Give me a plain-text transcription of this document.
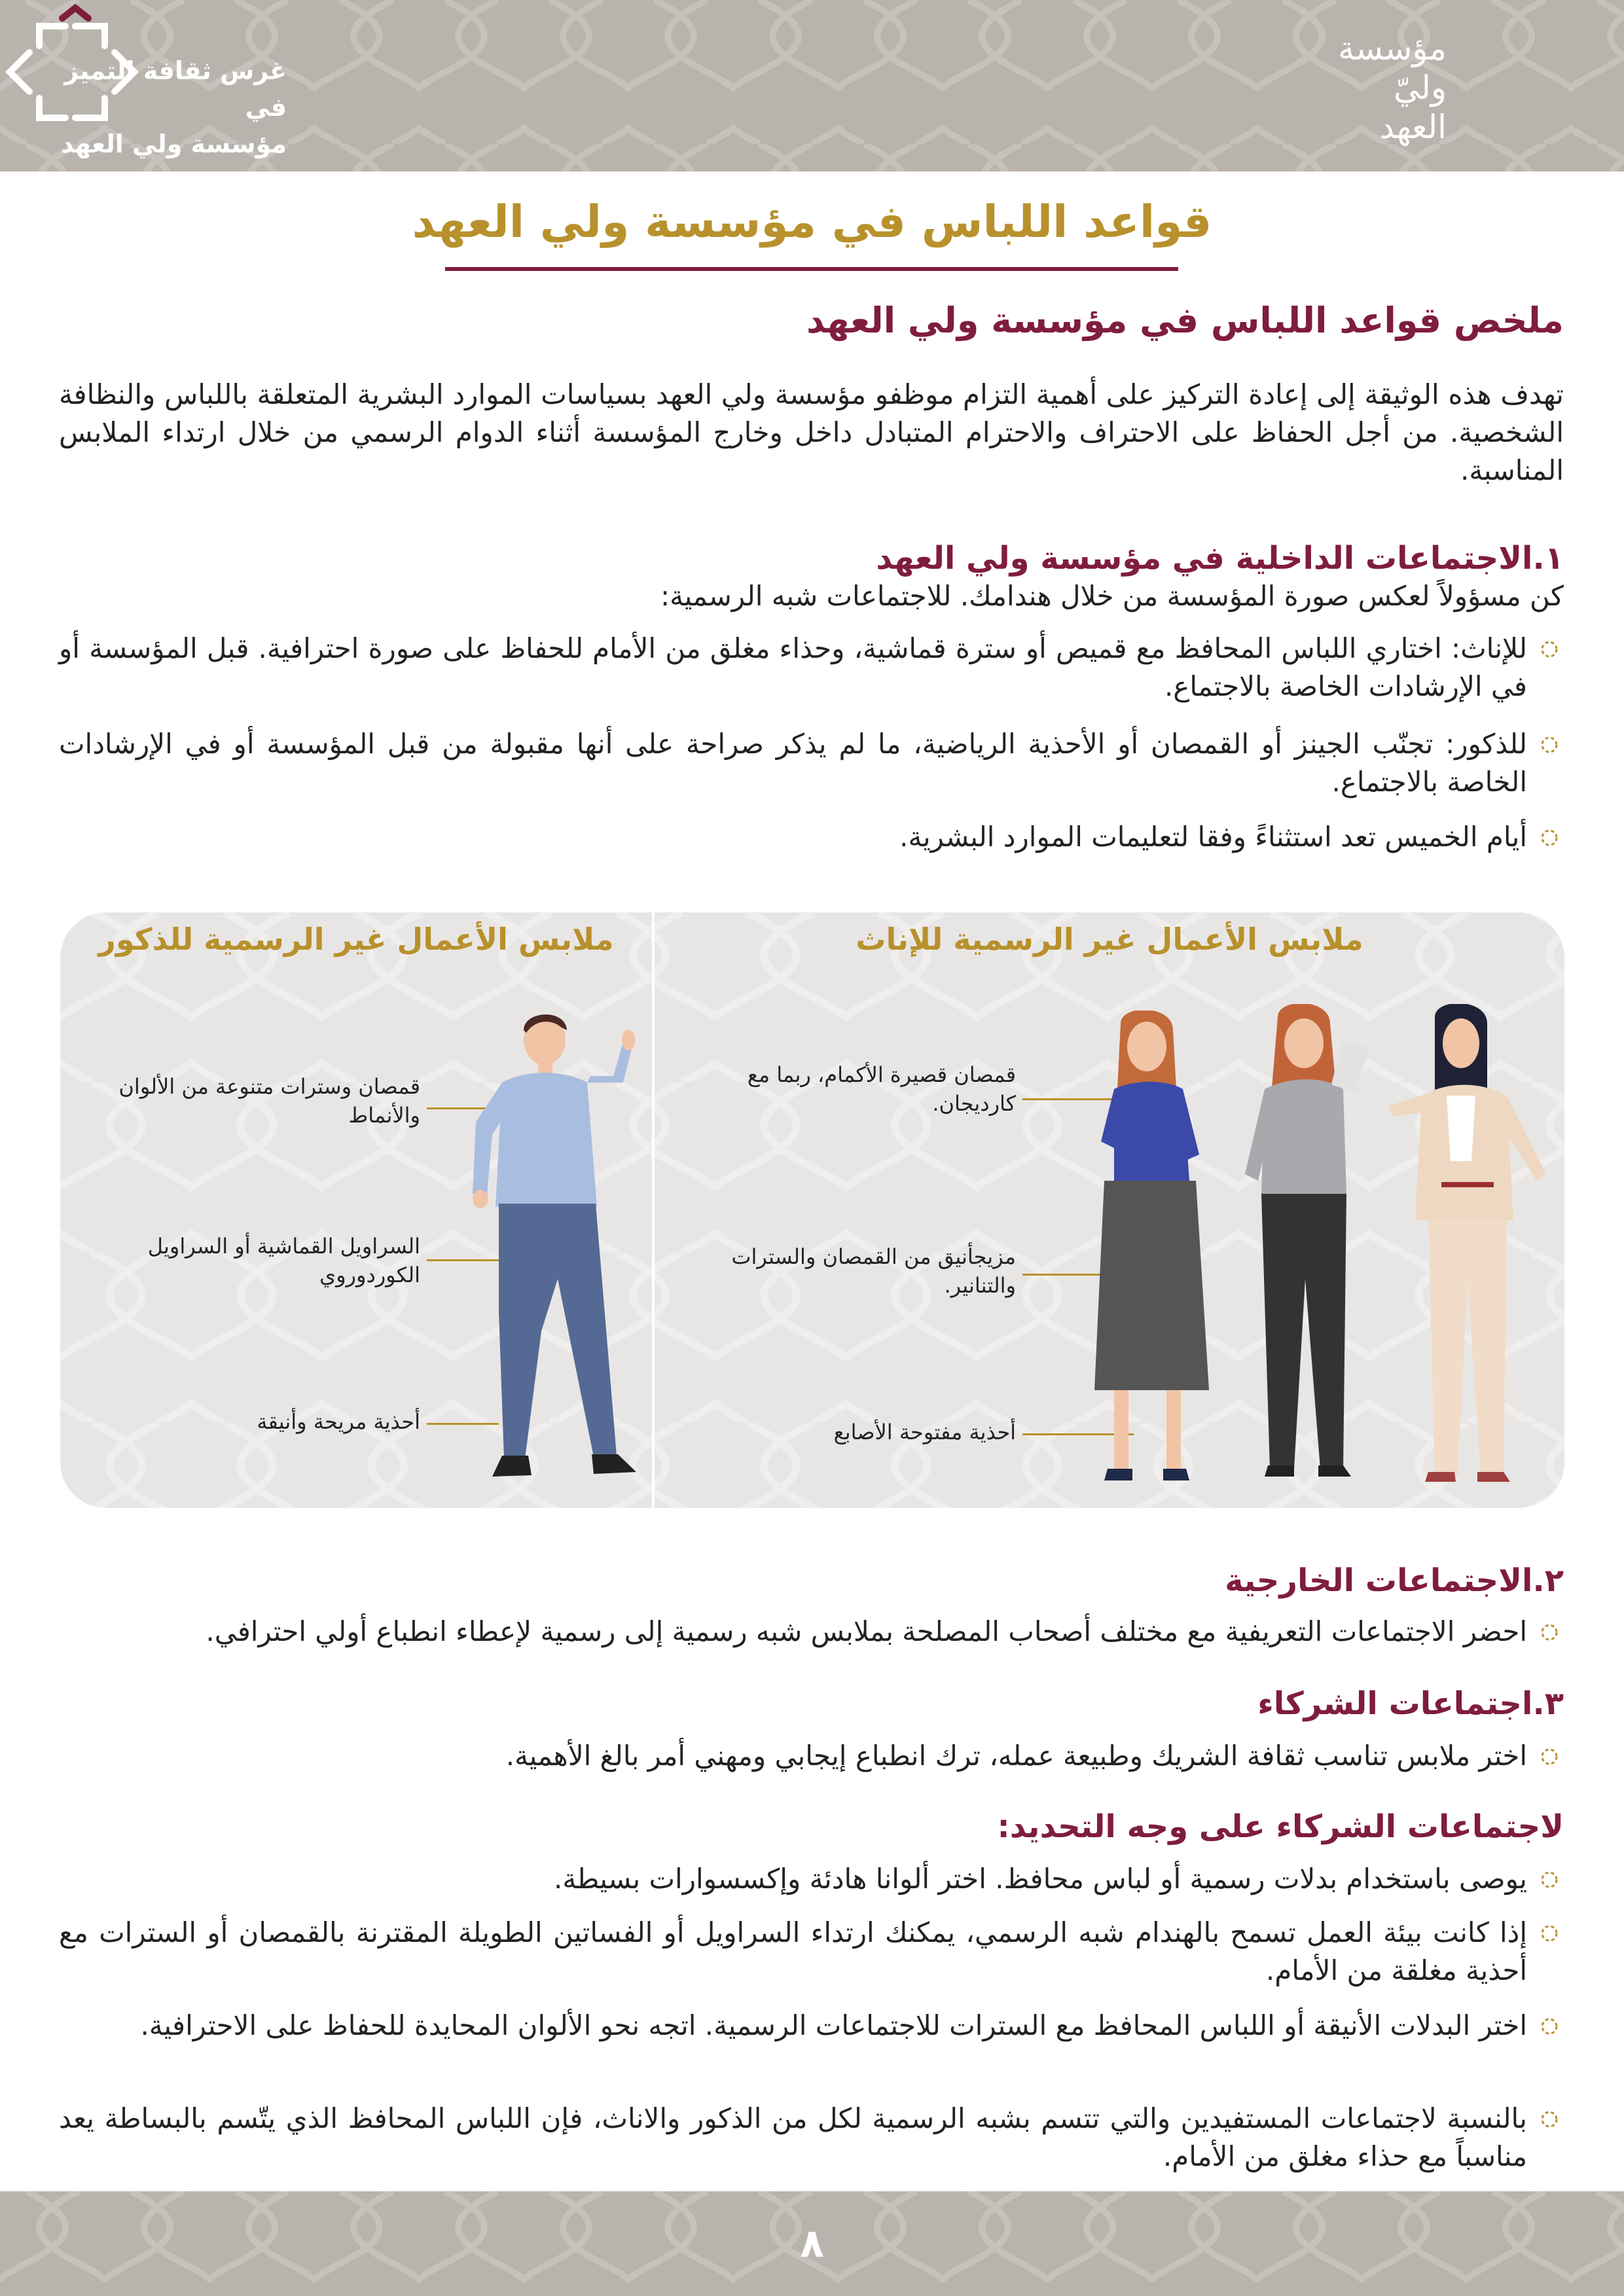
غرس ثقافة التميز في
مؤسسة ولي العهد
مؤسسة
وليّ
العهد
قواعد اللباس في مؤسسة ولي العهد
ملخص قواعد اللباس في مؤسسة ولي العهد
تهدف هذه الوثيقة إلى إعادة التركيز على أهمية التزام موظفو مؤسسة ولي العهد بسياسات الموارد البشرية المتعلقة باللباس والنظافة الشخصية. من أجل الحفاظ على الاحتراف والاحترام المتبادل داخل وخارج المؤسسة أثناء الدوام الرسمي من خلال ارتداء الملابس المناسبة.
١.الاجتماعات الداخلية في مؤسسة ولي العهد
كن مسؤولاً لعكس صورة المؤسسة من خلال هندامك. للاجتماعات شبه الرسمية:
للإناث: اختاري اللباس المحافظ مع قميص أو سترة قماشية، وحذاء مغلق من الأمام للحفاظ على صورة احترافية. قبل المؤسسة أو في الإرشادات الخاصة بالاجتماع.
للذكور: تجنّب الجينز أو القمصان أو الأحذية الرياضية، ما لم يذكر صراحة على أنها مقبولة من قبل المؤسسة أو في الإرشادات الخاصة بالاجتماع.
أيام الخميس تعد استثناءً وفقا لتعليمات الموارد البشرية.
ملابس الأعمال غير الرسمية للإناث
ملابس الأعمال غير الرسمية للذكور
قمصان وسترات متنوعة من الألوان والأنماط
السراويل القماشية أو السراويل الكوردوروي
أحذية مريحة وأنيقة
قمصان قصيرة الأكمام، ربما مع كارديجان.
مزيجأنيق من القمصان والسترات والتنانير.
أحذية مفتوحة الأصابع
٢.الاجتماعات الخارجية
احضر الاجتماعات التعريفية مع مختلف أصحاب المصلحة بملابس شبه رسمية إلى رسمية لإعطاء انطباع أولي احترافي.
٣.اجتماعات الشركاء
اختر ملابس تناسب ثقافة الشريك وطبيعة عمله، ترك انطباع إيجابي ومهني أمر بالغ الأهمية.
لاجتماعات الشركاء على وجه التحديد:
يوصى باستخدام بدلات رسمية أو لباس محافظ. اختر ألوانا هادئة وإكسسوارات بسيطة.
إذا كانت بيئة العمل تسمح بالهندام شبه الرسمي، يمكنك ارتداء السراويل أو الفساتين الطويلة المقترنة بالقمصان أو السترات مع أحذية مغلقة من الأمام.
اختر البدلات الأنيقة أو اللباس المحافظ مع السترات للاجتماعات الرسمية. اتجه نحو الألوان المحايدة للحفاظ على الاحترافية.
بالنسبة لاجتماعات المستفيدين والتي تتسم بشبه الرسمية لكل من الذكور والاناث، فإن اللباس المحافظ الذي يتّسم بالبساطة يعد مناسباً مع حذاء مغلق من الأمام.
٨
